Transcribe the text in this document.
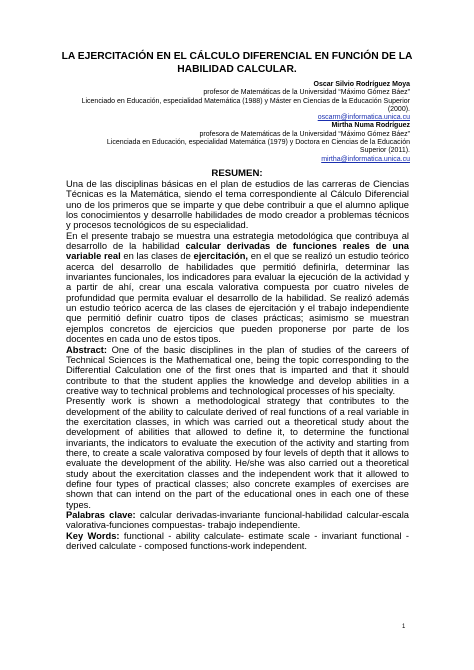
LA EJERCITACIÓN EN EL CÁLCULO DIFERENCIAL EN FUNCIÓN DE LA HABILIDAD CALCULAR.
Oscar Silvio Rodríguez Moya
profesor de Matemáticas de la Universidad “Máximo Gómez Báez”
Licenciado en Educación, especialidad Matemática (1988) y Máster en Ciencias de la Educación Superior
(2000).
oscarm@informatica.unica.cu
Mirtha Numa Rodríguez
profesora de Matemáticas de la Universidad “Máximo Gómez Báez”
Licenciada en Educación, especialidad Matemática (1979) y Doctora en Ciencias de la Educación
Superior (2011).
mirtha@informatica.unica.cu
RESUMEN:

Una de las disciplinas básicas en el plan de estudios de las carreras de Ciencias Técnicas es la Matemática, siendo el tema correspondiente al Cálculo Diferencial uno de los primeros que se imparte y que debe contribuir a que el alumno aplique los conocimientos y desarrolle habilidades de modo creador a problemas técnicos y procesos tecnológicos de su especialidad.

En el presente trabajo se muestra una estrategia metodológica que contribuya al desarrollo de la habilidad calcular derivadas de funciones reales de una variable real en las clases de ejercitación, en el que se realizó un estudio teórico acerca del desarrollo de habilidades que permitió definirla, determinar las invariantes funcionales, los indicadores para evaluar la ejecución de la actividad y a partir de ahí, crear una escala valorativa compuesta por cuatro niveles de profundidad que permita evaluar el desarrollo de la habilidad. Se realizó además un estudio teórico acerca de las clases de ejercitación y el trabajo independiente que permitió definir cuatro tipos de clases prácticas; asimismo se muestran ejemplos concretos de ejercicios que pueden proponerse por parte de los docentes en cada uno de estos tipos.

Abstract: One of the basic disciplines in the plan of studies of the careers of Technical Sciences is the Mathematical one, being the topic corresponding to the Differential Calculation one of the first ones that is imparted and that it should contribute to that the student applies the knowledge and develop abilities in a creative way to technical problems and technological processes of his specialty.

Presently work is shown a methodological strategy that contributes to the development of the ability to calculate derived of real functions of a real variable in the exercitation classes, in which was carried out a theoretical study about the development of abilities that allowed to define it, to determine the functional invariants, the indicators to evaluate the execution of the activity and starting from there, to create a scale valorativa composed by four levels of depth that it allows to evaluate the development of the ability. He/she was also carried out a theoretical study about the exercitation classes and the independent work that it allowed to define four types of practical classes; also concrete examples of exercises are shown that can intend on the part of the educational ones in each one of these types.

Palabras clave: calcular derivadas-invariante funcional-habilidad calcular-escala valorativa-funciones compuestas- trabajo independiente.

Key Words: functional - ability calculate- estimate scale - invariant functional - derived calculate - composed functions-work independent.

1
